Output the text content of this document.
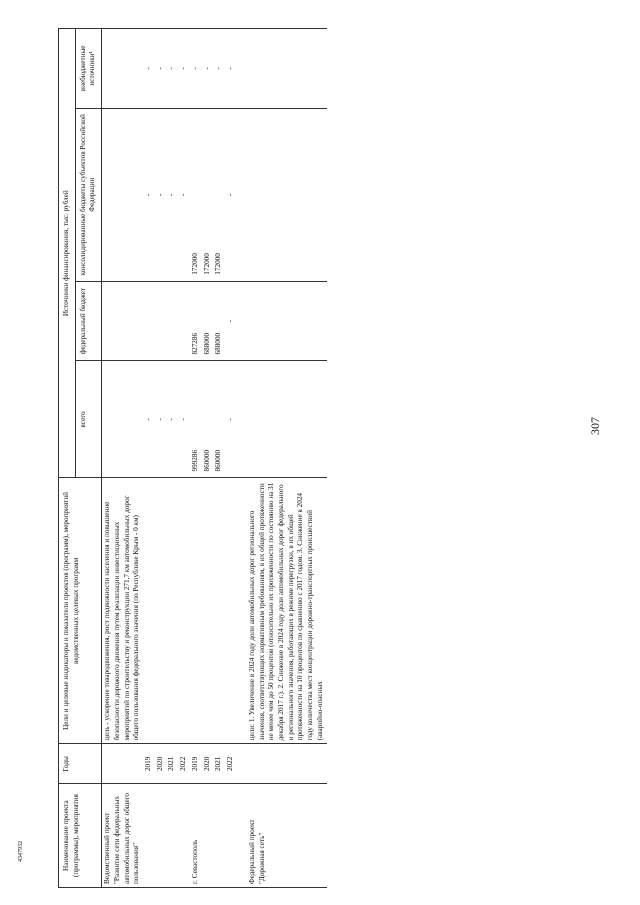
307
4347932	Наименование проекта (программы), мероприятия	Годы	Цели и целевые индикаторы и показатели проектов (программ), мероприятий ведомственных целевых программ	Источники финансирования, тыс. рублей			
			всего	федеральный бюджет	консолидированные бюджеты субъектов Российской Федерации	внебюджетные источники¹
Ведомственный проект "Развитие сети федеральных автомобильных дорог общего пользования"		цель - ускорение товародвижения, рост подвижности населения и повышение безопасности дорожного движения путем реализации инвестиционных мероприятий по строительству и реконструкции 271,7 км автомобильных дорог общего пользования федерального значения (по Республике Крым - 0 км)				
	2019		-		-	-
	2020		-		-	-
	2021		-		-	-
	2022		-		-	-
г. Севастополь	2019		999286	827286	172000	-
	2020		860000	688000	172000	-
	2021		860000	688000	172000	-
	2022		-	-	-	-

Федеральный проект "Дорожная сеть"		цели: 1. Увеличение в 2024 году доли автомобильных дорог регионального значения, соответствующих нормативным требованиям, в их общей протяженности не менее чем до 50 процентов (относительно их протяженности по состоянию на 31 декабря 2017 г.). 2. Снижение в 2024 году доли автомобильных дорог федерального и регионального значения, работающих в режиме перегрузки, в их общей протяженности на 10 процентов по сравнению с 2017 годом. 3. Снижение в 2024 году количества мест концентрации дорожно-транспортных происшествий (аварийно-опасных				
